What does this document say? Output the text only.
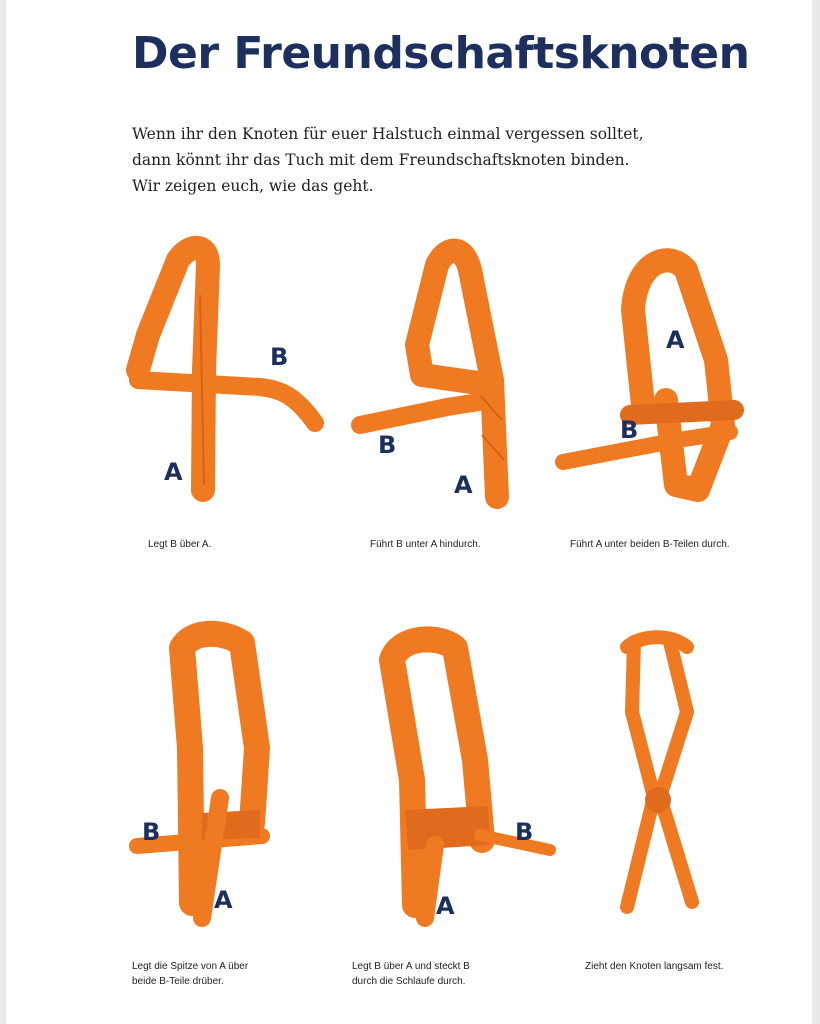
Der Freundschaftsknoten
Wenn ihr den Knoten für euer Halstuch einmal vergessen solltet,
dann könnt ihr das Tuch mit dem Freundschaftsknoten binden.
Wir zeigen euch, wie das geht.
B
A
B
A
A
B
B
A
B
A
Legt B über A.	Führt B unter A hindurch.	Führt A unter beiden B-Teilen durch.
Legt die Spitze von A über
beide B-Teile drüber.
Legt B über A und steckt B
durch die Schlaufe durch.
Zieht den Knoten langsam fest.
